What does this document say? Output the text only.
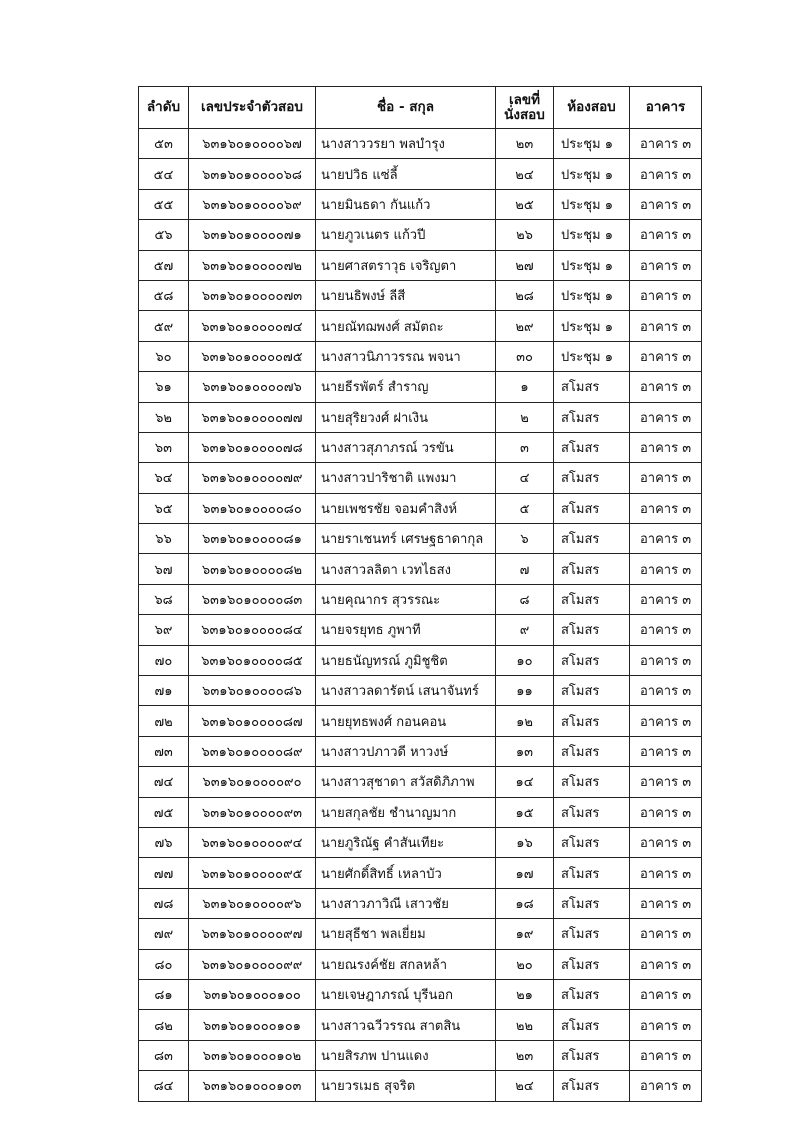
ลำดับ	เลขประจำตัวสอบ	ชื่อ - สกุล	เลขที่
นั่งสอบ	ห้องสอบ	อาคาร
๕๓	๖๓๑๖๐๑๐๐๐๐๖๗	นางสาววรยา พลบำรุง	๒๓	ประชุม ๑	อาคาร ๓
๕๔	๖๓๑๖๐๑๐๐๐๐๖๘	นายปวิธ แซ่ลี้	๒๔	ประชุม ๑	อาคาร ๓
๕๕	๖๓๑๖๐๑๐๐๐๐๖๙	นายมินธดา กันแก้ว	๒๕	ประชุม ๑	อาคาร ๓
๕๖	๖๓๑๖๐๑๐๐๐๐๗๑	นายภูวเนตร แก้วปี	๒๖	ประชุม ๑	อาคาร ๓
๕๗	๖๓๑๖๐๑๐๐๐๐๗๒	นายศาสตราวุธ เจริญตา	๒๗	ประชุม ๑	อาคาร ๓
๕๘	๖๓๑๖๐๑๐๐๐๐๗๓	นายนธิพงษ์ ลีสี	๒๘	ประชุม ๑	อาคาร ๓
๕๙	๖๓๑๖๐๑๐๐๐๐๗๔	นายณัทฌพงศ์ สมัตถะ	๒๙	ประชุม ๑	อาคาร ๓
๖๐	๖๓๑๖๐๑๐๐๐๐๗๕	นางสาวนิภาวรรณ พจนา	๓๐	ประชุม ๑	อาคาร ๓
๖๑	๖๓๑๖๐๑๐๐๐๐๗๖	นายธีรพัตร์ สำราญ	๑	สโมสร	อาคาร ๓
๖๒	๖๓๑๖๐๑๐๐๐๐๗๗	นายสุริยวงศ์ ฝาเงิน	๒	สโมสร	อาคาร ๓
๖๓	๖๓๑๖๐๑๐๐๐๐๗๘	นางสาวสุภาภรณ์ วรขัน	๓	สโมสร	อาคาร ๓
๖๔	๖๓๑๖๐๑๐๐๐๐๗๙	นางสาวปาริชาติ แพงมา	๔	สโมสร	อาคาร ๓
๖๕	๖๓๑๖๐๑๐๐๐๐๘๐	นายเพชรชัย จอมคำสิงห์	๕	สโมสร	อาคาร ๓
๖๖	๖๓๑๖๐๑๐๐๐๐๘๑	นายราเชนทร์ เศรษฐธาดากุล	๖	สโมสร	อาคาร ๓
๖๗	๖๓๑๖๐๑๐๐๐๐๘๒	นางสาวลลิตา เวทไธสง	๗	สโมสร	อาคาร ๓
๖๘	๖๓๑๖๐๑๐๐๐๐๘๓	นายคุณากร สุวรรณะ	๘	สโมสร	อาคาร ๓
๖๙	๖๓๑๖๐๑๐๐๐๐๘๔	นายจรยุทธ ภูพาที	๙	สโมสร	อาคาร ๓
๗๐	๖๓๑๖๐๑๐๐๐๐๘๕	นายธนัญทรณ์ ภูมิชูชิต	๑๐	สโมสร	อาคาร ๓
๗๑	๖๓๑๖๐๑๐๐๐๐๘๖	นางสาวลดารัตน์ เสนาจันทร์	๑๑	สโมสร	อาคาร ๓
๗๒	๖๓๑๖๐๑๐๐๐๐๘๗	นายยุทธพงศ์ กอนคอน	๑๒	สโมสร	อาคาร ๓
๗๓	๖๓๑๖๐๑๐๐๐๐๘๙	นางสาวปภาวดี หาวงษ์	๑๓	สโมสร	อาคาร ๓
๗๔	๖๓๑๖๐๑๐๐๐๐๙๐	นางสาวสุชาดา สวัสดิภิภาพ	๑๔	สโมสร	อาคาร ๓
๗๕	๖๓๑๖๐๑๐๐๐๐๙๓	นายสกุลชัย ชำนาญมาก	๑๕	สโมสร	อาคาร ๓
๗๖	๖๓๑๖๐๑๐๐๐๐๙๔	นายภูริณัฐ คำสันเทียะ	๑๖	สโมสร	อาคาร ๓
๗๗	๖๓๑๖๐๑๐๐๐๐๙๕	นายศักดิ์สิทธิ์ เหลาบัว	๑๗	สโมสร	อาคาร ๓
๗๘	๖๓๑๖๐๑๐๐๐๐๙๖	นางสาวภาวิณี เสาวชัย	๑๘	สโมสร	อาคาร ๓
๗๙	๖๓๑๖๐๑๐๐๐๐๙๗	นายสุธีชา พลเยี่ยม	๑๙	สโมสร	อาคาร ๓
๘๐	๖๓๑๖๐๑๐๐๐๐๙๙	นายณรงค์ชัย สกลหล้า	๒๐	สโมสร	อาคาร ๓
๘๑	๖๓๑๖๐๑๐๐๐๑๐๐	นายเจษฎาภรณ์ บุรีนอก	๒๑	สโมสร	อาคาร ๓
๘๒	๖๓๑๖๐๑๐๐๐๑๐๑	นางสาวฉวีวรรณ สาตสิน	๒๒	สโมสร	อาคาร ๓
๘๓	๖๓๑๖๐๑๐๐๐๑๐๒	นายสิรภพ ปานแดง	๒๓	สโมสร	อาคาร ๓
๘๔	๖๓๑๖๐๑๐๐๐๑๐๓	นายวรเมธ สุจริต	๒๔	สโมสร	อาคาร ๓
